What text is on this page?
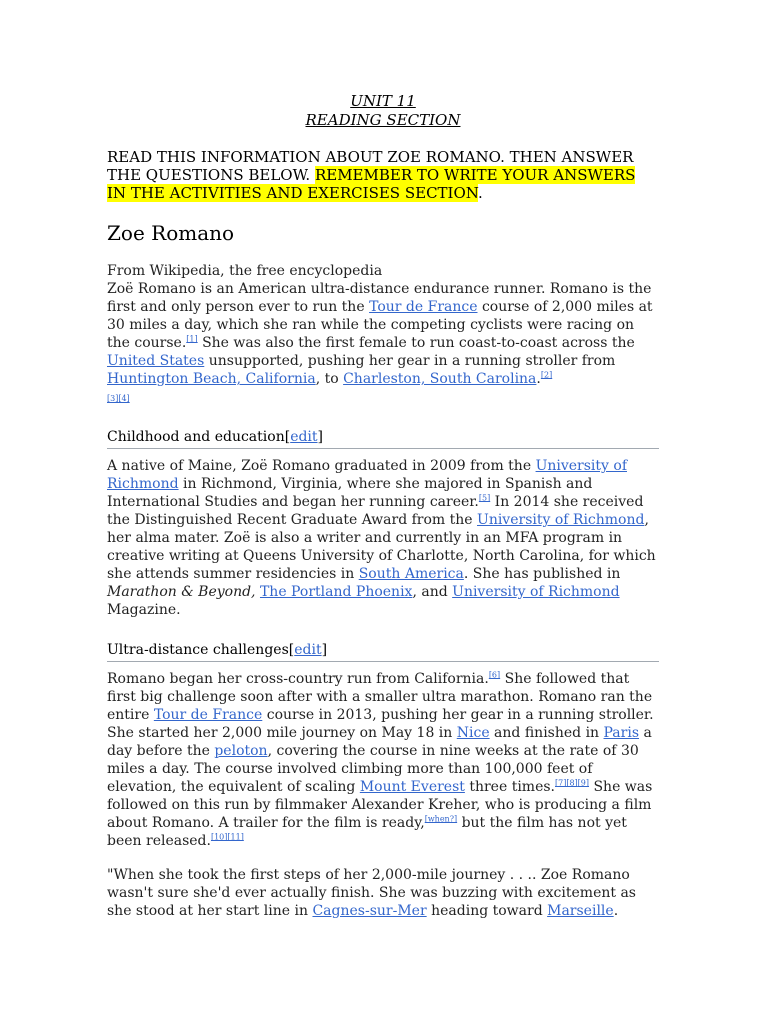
UNIT 11
READING SECTION
READ THIS INFORMATION ABOUT ZOE ROMANO. THEN ANSWER THE QUESTIONS BELOW. REMEMBER TO WRITE YOUR ANSWERS IN THE ACTIVITIES AND EXERCISES SECTION.
Zoe Romano

From Wikipedia, the free encyclopedia

Zoë Romano is an American ultra-distance endurance runner. Romano is the first and only person ever to run the Tour de France course of 2,000 miles at 30 miles a day, which she ran while the competing cyclists were racing on the course.[1] She was also the first female to run coast-to-coast across the United States unsupported, pushing her gear in a running stroller from Huntington Beach, California, to Charleston, South Carolina.[2]
[3][4]

Childhood and education[edit]

A native of Maine, Zoë Romano graduated in 2009 from the University of Richmond in Richmond, Virginia, where she majored in Spanish and International Studies and began her running career.[5] In 2014 she received the Distinguished Recent Graduate Award from the University of Richmond, her alma mater. Zoë is also a writer and currently in an MFA program in creative writing at Queens University of Charlotte, North Carolina, for which she attends summer residencies in South America. She has published in Marathon & Beyond, The Portland Phoenix, and University of Richmond Magazine.

Ultra-distance challenges[edit]

Romano began her cross-country run from California.[6] She followed that first big challenge soon after with a smaller ultra marathon. Romano ran the entire Tour de France course in 2013, pushing her gear in a running stroller. She started her 2,000 mile journey on May 18 in Nice and finished in Paris a day before the peloton, covering the course in nine weeks at the rate of 30 miles a day. The course involved climbing more than 100,000 feet of elevation, the equivalent of scaling Mount Everest three times.[7][8][9] She was followed on this run by filmmaker Alexander Kreher, who is producing a film about Romano. A trailer for the film is ready,[when?] but the film has not yet been released.[10][11]

"When she took the first steps of her 2,000-mile journey . . .. Zoe Romano wasn't sure she'd ever actually finish. She was buzzing with excitement as she stood at her start line in Cagnes-sur-Mer heading toward Marseille.
